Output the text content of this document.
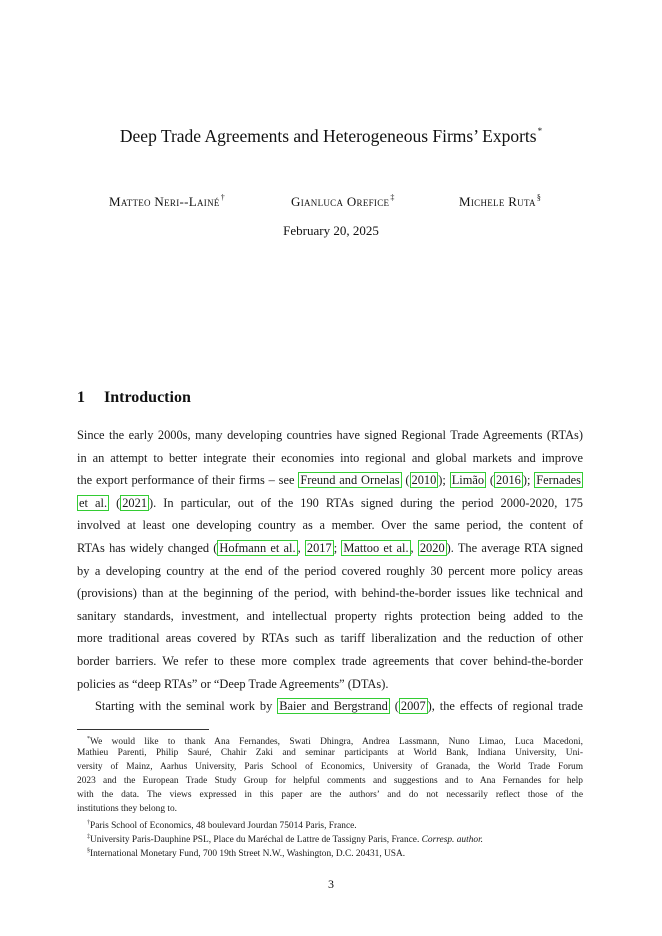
Deep Trade Agreements and Heterogeneous Firms’ Exports*
Matteo Neri--Lainé†	Gianluca Orefice‡	Michele Ruta§
February 20, 2025
1 Introduction
Since the early 2000s, many developing countries have signed Regional Trade Agreements (RTAs)
in an attempt to better integrate their economies into regional and global markets and improve
the export performance of their firms – see Freund and Ornelas ( 2010 ); Limão ( 2016 ); Fernades
et al. ( 2021 ). In particular, out of the 190 RTAs signed during the period 2000-2020, 175
involved at least one developing country as a member. Over the same period, the content of
RTAs has widely changed ( Hofmann et al. , 2017 ; Mattoo et al. , 2020 ). The average RTA signed
by a developing country at the end of the period covered roughly 30 percent more policy areas
(provisions) than at the beginning of the period, with behind-the-border issues like technical and
sanitary standards, investment, and intellectual property rights protection being added to the
more traditional areas covered by RTAs such as tariff liberalization and the reduction of other
border barriers. We refer to these more complex trade agreements that cover behind-the-border
policies as “deep RTAs” or “Deep Trade Agreements” (DTAs).
Starting with the seminal work by Baier and Bergstrand ( 2007 ), the effects of regional trade
*We would like to thank Ana Fernandes, Swati Dhingra, Andrea Lassmann, Nuno Limao, Luca Macedoni,
Mathieu Parenti, Philip Sauré, Chahir Zaki and seminar participants at World Bank, Indiana University, Uni-
versity of Mainz, Aarhus University, Paris School of Economics, University of Granada, the World Trade Forum
2023 and the European Trade Study Group for helpful comments and suggestions and to Ana Fernandes for help
with the data. The views expressed in this paper are the authors’ and do not necessarily reflect those of the
institutions they belong to.
†Paris School of Economics, 48 boulevard Jourdan 75014 Paris, France.
‡University Paris-Dauphine PSL, Place du Maréchal de Lattre de Tassigny Paris, France. Corresp. author.
§International Monetary Fund, 700 19th Street N.W., Washington, D.C. 20431, USA.
3
